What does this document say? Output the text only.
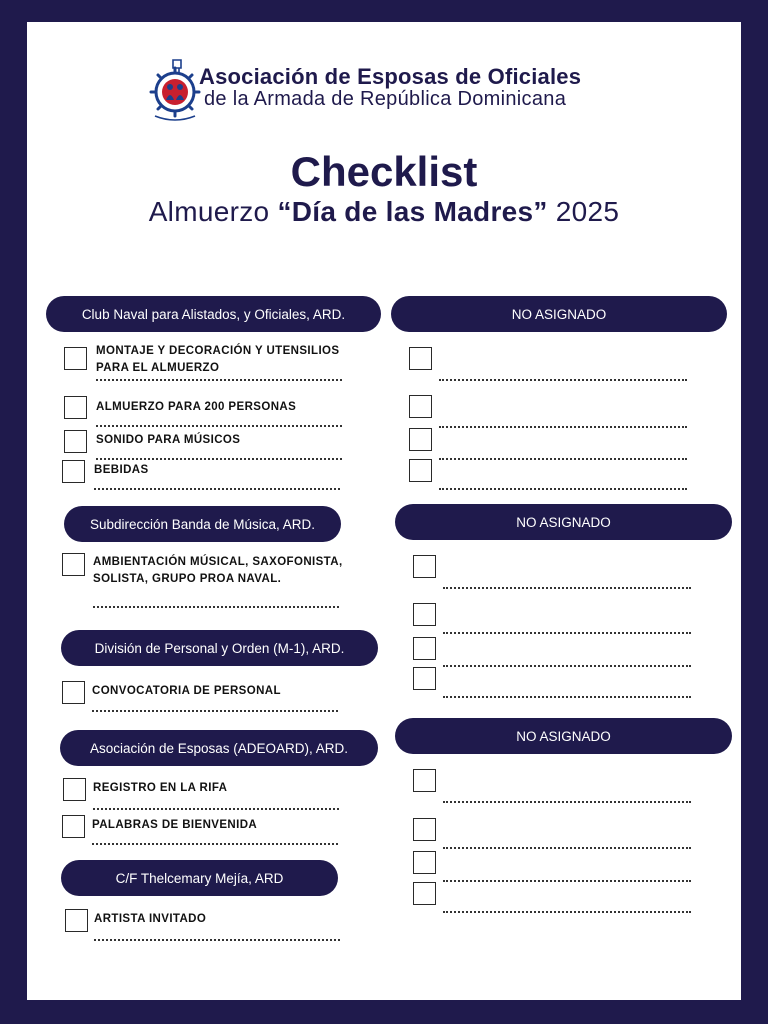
Asociación de Esposas de Oficiales
de la Armada de República Dominicana
Checklist
Almuerzo “Día de las Madres” 2025
Club Naval para Alistados, y Oficiales, ARD.
MONTAJE Y DECORACIÓN Y UTENSILIOS PARA EL ALMUERZO
ALMUERZO PARA 200 PERSONAS
SONIDO PARA MÚSICOS
BEBIDAS
Subdirección Banda de Música, ARD.
AMBIENTACIÓN MÚSICAL, SAXOFONISTA, SOLISTA, GRUPO PROA NAVAL.
División de Personal y Orden (M-1), ARD.
CONVOCATORIA DE PERSONAL
Asociación de Esposas (ADEOARD), ARD.
REGISTRO EN LA RIFA
PALABRAS DE BIENVENIDA
C/F Thelcemary Mejía, ARD
ARTISTA INVITADO
NO ASIGNADO
NO ASIGNADO
NO ASIGNADO
